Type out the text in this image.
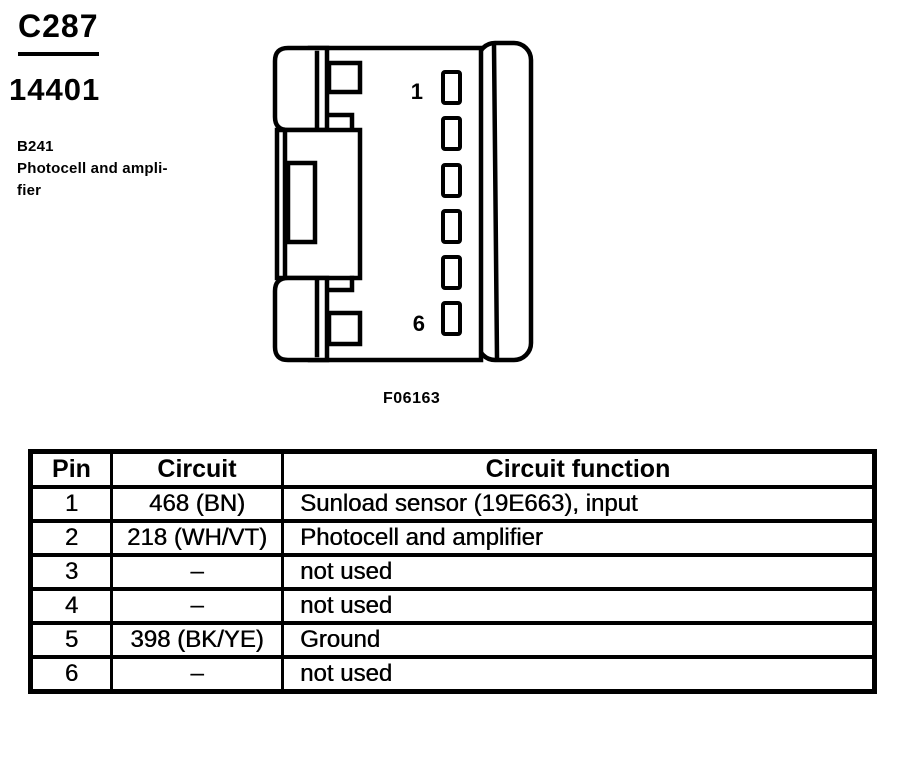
C287
14401
B241
Photocell and ampli-
fier
1
6
F06163
Pin	Circuit	Circuit function
1	468 (BN)	Sunload sensor (19E663), input
2	218 (WH/VT)	Photocell and amplifier
3	–	not used
4	–	not used
5	398 (BK/YE)	Ground
6	–	not used
